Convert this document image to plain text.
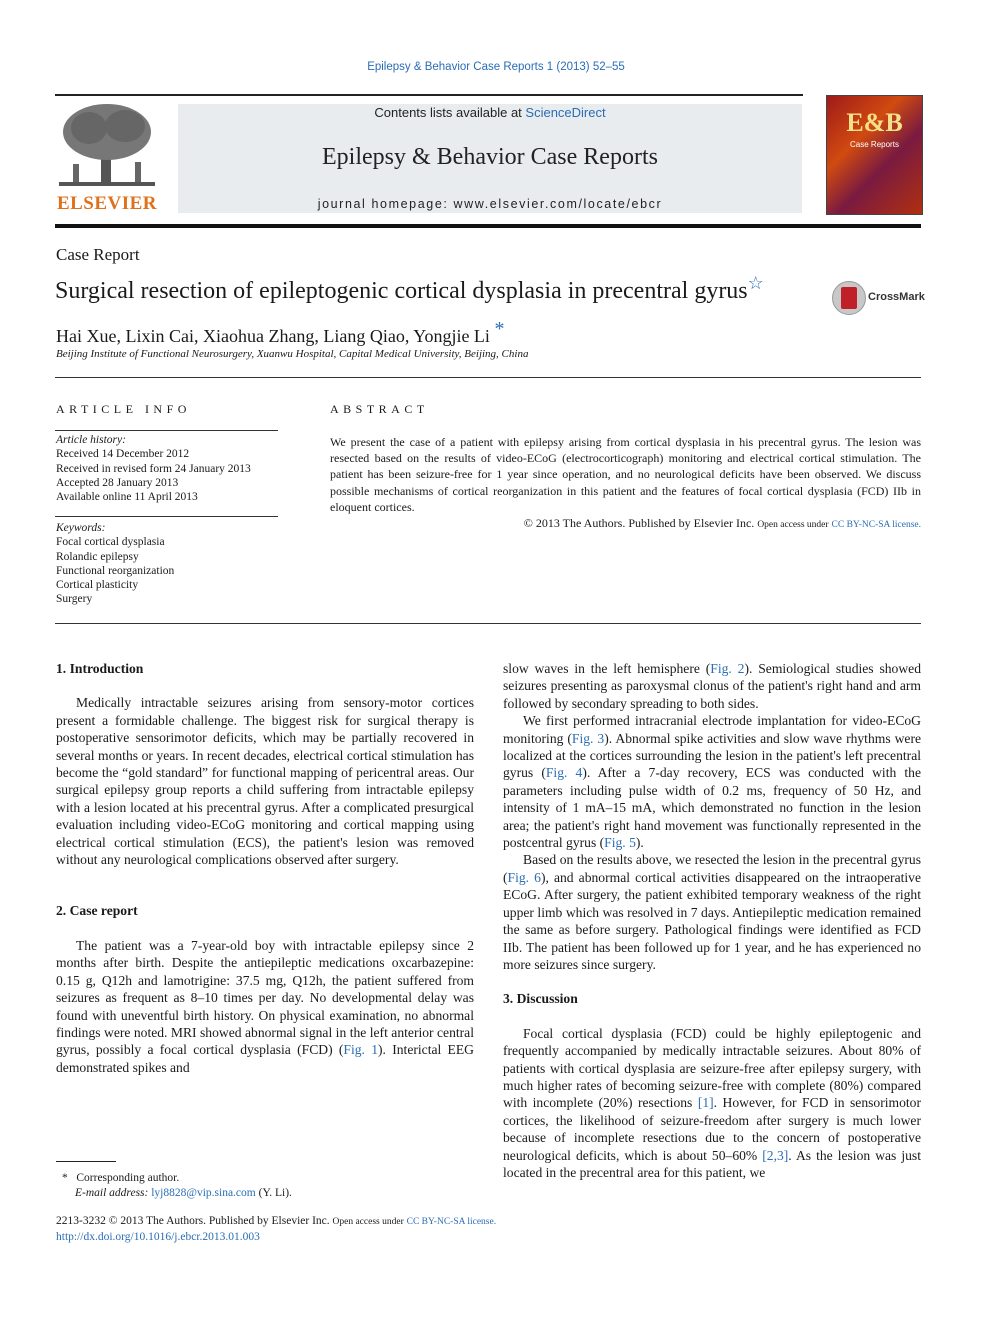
Epilepsy & Behavior Case Reports 1 (2013) 52–55
ELSEVIER
Contents lists available at ScienceDirect
Epilepsy & Behavior Case Reports
journal homepage: www.elsevier.com/locate/ebcr
E&B
Case Reports
Case Report
Surgical resection of epileptogenic cortical dysplasia in precentral gyrus☆
CrossMark
Hai Xue, Lixin Cai, Xiaohua Zhang, Liang Qiao, Yongjie Li *
Beijing Institute of Functional Neurosurgery, Xuanwu Hospital, Capital Medical University, Beijing, China
ARTICLE INFO
Article history:
Received 14 December 2012
Received in revised form 24 January 2013
Accepted 28 January 2013
Available online 11 April 2013
Keywords:
Focal cortical dysplasia
Rolandic epilepsy
Functional reorganization
Cortical plasticity
Surgery
ABSTRACT
We present the case of a patient with epilepsy arising from cortical dysplasia in his precentral gyrus. The lesion was resected based on the results of video-ECoG (electrocorticograph) monitoring and electrical cortical stimulation. The patient has been seizure-free for 1 year since operation, and no neurological deficits have been observed. We discuss possible mechanisms of cortical reorganization in this patient and the features of focal cortical dysplasia (FCD) IIb in eloquent cortices.
© 2013 The Authors. Published by Elsevier Inc. Open access under CC BY-NC-SA license.
1. Introduction

Medically intractable seizures arising from sensory-motor cortices present a formidable challenge. The biggest risk for surgical therapy is postoperative sensorimotor deficits, which may be partially recovered in several months or years. In recent decades, electrical cortical stimulation has become the “gold standard” for functional mapping of pericentral areas. Our surgical epilepsy group reports a child suffering from intractable epilepsy with a lesion located at his precentral gyrus. After a complicated presurgical evaluation including video-ECoG monitoring and cortical mapping using electrical cortical stimulation (ECS), the patient's lesion was removed without any neurological complications observed after surgery.

2. Case report

The patient was a 7-year-old boy with intractable epilepsy since 2 months after birth. Despite the antiepileptic medications oxcarbazepine: 0.15 g, Q12h and lamotrigine: 37.5 mg, Q12h, the patient suffered from seizures as frequent as 8–10 times per day. No developmental delay was found with uneventful birth history. On physical examination, no abnormal findings were noted. MRI showed abnormal signal in the left anterior central gyrus, possibly a focal cortical dysplasia (FCD) (Fig. 1). Interictal EEG demonstrated spikes and

slow waves in the left hemisphere (Fig. 2). Semiological studies showed seizures presenting as paroxysmal clonus of the patient's right hand and arm followed by secondary spreading to both sides.

We first performed intracranial electrode implantation for video-ECoG monitoring (Fig. 3). Abnormal spike activities and slow wave rhythms were localized at the cortices surrounding the lesion in the patient's left precentral gyrus (Fig. 4). After a 7-day recovery, ECS was conducted with the parameters including pulse width of 0.2 ms, frequency of 50 Hz, and intensity of 1 mA–15 mA, which demonstrated no function in the lesion area; the patient's right hand movement was functionally represented in the postcentral gyrus (Fig. 5).

Based on the results above, we resected the lesion in the precentral gyrus (Fig. 6), and abnormal cortical activities disappeared on the intraoperative ECoG. After surgery, the patient exhibited temporary weakness of the right upper limb which was resolved in 7 days. Antiepileptic medication remained the same as before surgery. Pathological findings were identified as FCD IIb. The patient has been followed up for 1 year, and he has experienced no more seizures since surgery.

3. Discussion

Focal cortical dysplasia (FCD) could be highly epileptogenic and frequently accompanied by medically intractable seizures. About 80% of patients with cortical dysplasia are seizure-free after epilepsy surgery, with much higher rates of becoming seizure-free with complete (80%) compared with incomplete (20%) resections [1]. However, for FCD in sensorimotor cortices, the likelihood of seizure-freedom after surgery is much lower because of incomplete resections due to the concern of postoperative neurological deficits, which is about 50–60% [2,3]. As the lesion was just located in the precentral area for this patient, we

* Corresponding author.
E-mail address: lyj8828@vip.sina.com (Y. Li).
2213-3232 © 2013 The Authors. Published by Elsevier Inc. Open access under CC BY-NC-SA license.
http://dx.doi.org/10.1016/j.ebcr.2013.01.003
